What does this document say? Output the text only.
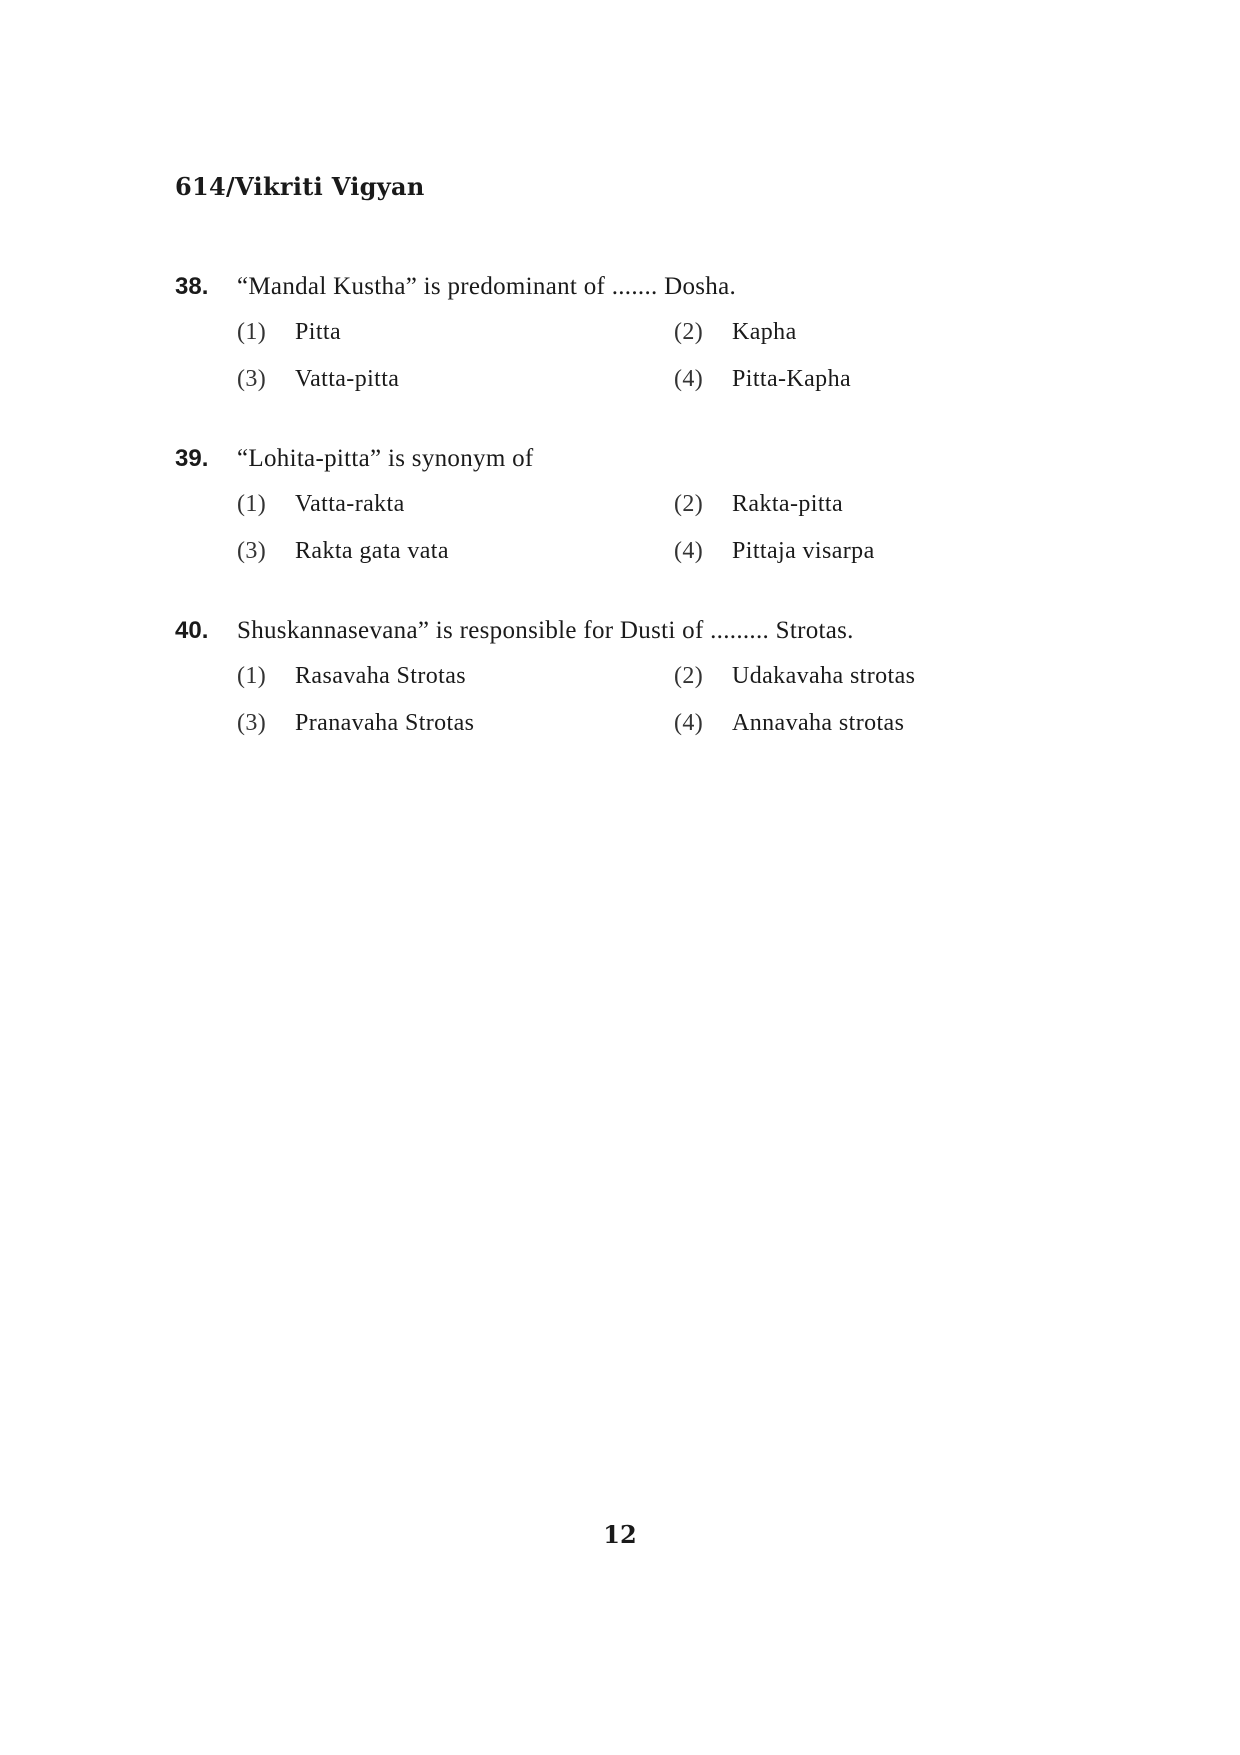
614/Vikriti Vigyan
38.	“Mandal Kustha” is predominant of ....... Dosha.
(1)	Pitta	(2)	Kapha
(3)	Vatta-pitta	(4)	Pitta-Kapha
39.	“Lohita-pitta” is synonym of
(1)	Vatta-rakta	(2)	Rakta-pitta
(3)	Rakta gata vata	(4)	Pittaja visarpa
40.	Shuskannasevana” is responsible for Dusti of ......... Strotas.
(1)	Rasavaha Strotas	(2)	Udakavaha strotas
(3)	Pranavaha Strotas	(4)	Annavaha strotas
12
